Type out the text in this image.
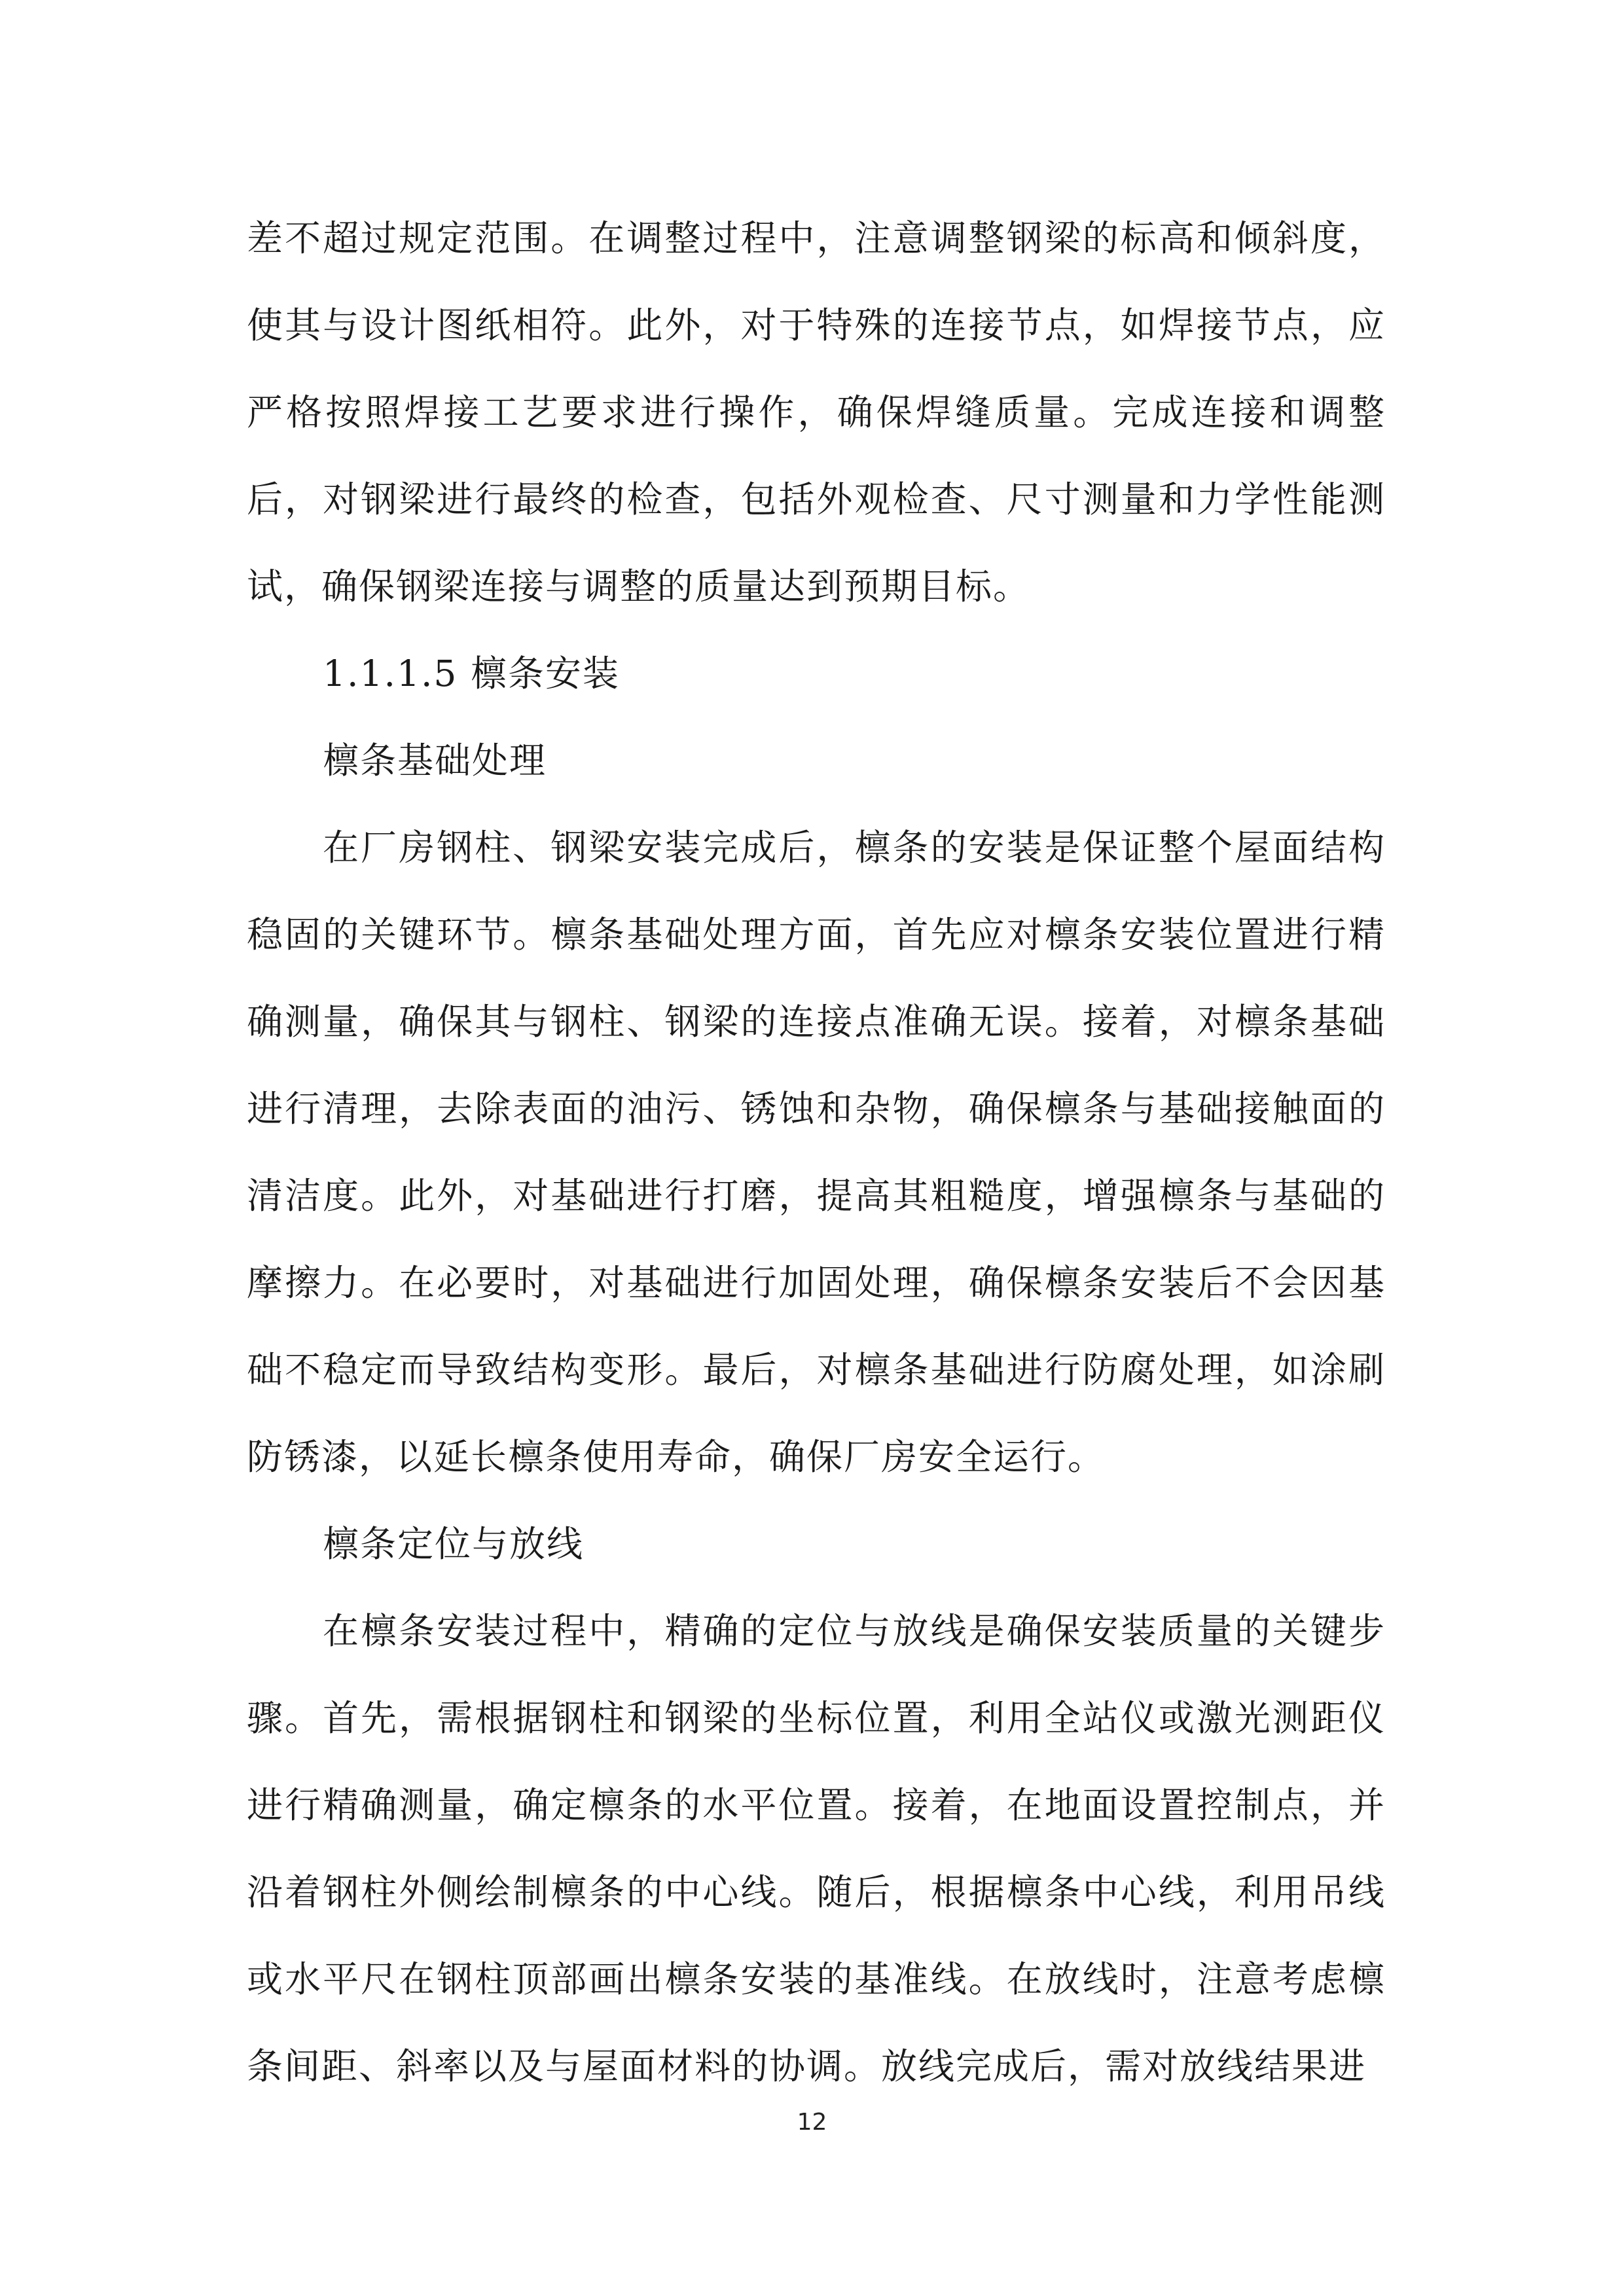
差不超过规定范围。在调整过程中，注意调整钢梁的标高和倾斜度，使其与设计图纸相符。此外，对于特殊的连接节点，如焊接节点，应严格按照焊接工艺要求进行操作，确保焊缝质量。完成连接和调整后，对钢梁进行最终的检查，包括外观检查、尺寸测量和力学性能测试，确保钢梁连接与调整的质量达到预期目标。

1.1.1.5 檩条安装

檩条基础处理

在厂房钢柱、钢梁安装完成后，檩条的安装是保证整个屋面结构稳固的关键环节。檩条基础处理方面，首先应对檩条安装位置进行精确测量，确保其与钢柱、钢梁的连接点准确无误。接着，对檩条基础进行清理，去除表面的油污、锈蚀和杂物，确保檩条与基础接触面的清洁度。此外，对基础进行打磨，提高其粗糙度，增强檩条与基础的摩擦力。在必要时，对基础进行加固处理，确保檩条安装后不会因基础不稳定而导致结构变形。最后，对檩条基础进行防腐处理，如涂刷防锈漆，以延长檩条使用寿命，确保厂房安全运行。

檩条定位与放线

在檩条安装过程中，精确的定位与放线是确保安装质量的关键步骤。首先，需根据钢柱和钢梁的坐标位置，利用全站仪或激光测距仪进行精确测量，确定檩条的水平位置。接着，在地面设置控制点，并沿着钢柱外侧绘制檩条的中心线。随后，根据檩条中心线，利用吊线或水平尺在钢柱顶部画出檩条安装的基准线。在放线时，注意考虑檩条间距、斜率以及与屋面材料的协调。放线完成后，需对放线结果进

12
